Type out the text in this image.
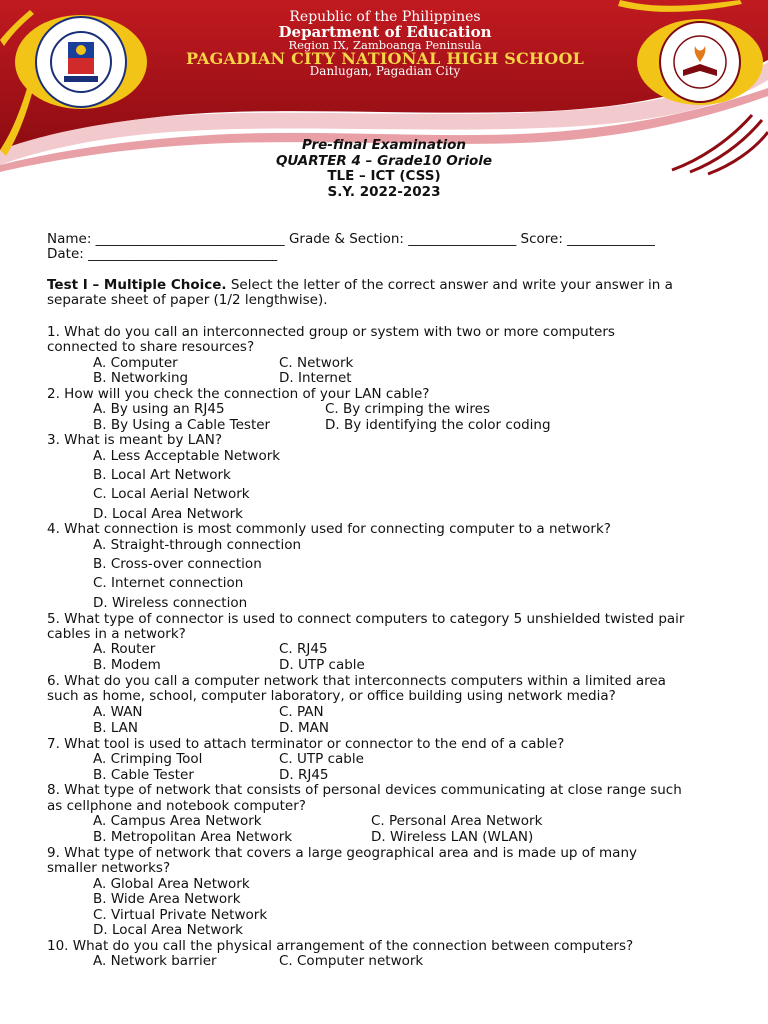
Republic of the Philippines
Department of Education
Region IX, Zamboanga Peninsula
PAGADIAN CITY NATIONAL HIGH SCHOOL
Danlugan, Pagadian City
Pre-final Examination
QUARTER 4 – Grade10 Oriole
TLE – ICT (CSS)
S.Y. 2022-2023
Name: ____________________________ Grade & Section: ________________ Score: _____________
Date: ____________________________
Test I – Multiple Choice. Select the letter of the correct answer and write your answer in a
separate sheet of paper (1/2 lengthwise).
1. What do you call an interconnected group or system with two or more computers
connected to share resources?
A. Computer	C. Network
B. Networking	D. Internet
2. How will you check the connection of your LAN cable?
A. By using an RJ45	C. By crimping the wires
B. By Using a Cable Tester	D. By identifying the color coding
3. What is meant by LAN?
A. Less Acceptable Network
B. Local Art Network
C. Local Aerial Network
D. Local Area Network
4. What connection is most commonly used for connecting computer to a network?
A. Straight-through connection
B. Cross-over connection
C. Internet connection
D. Wireless connection
5. What type of connector is used to connect computers to category 5 unshielded twisted pair
cables in a network?
A. Router	C. RJ45
B. Modem	D. UTP cable
6. What do you call a computer network that interconnects computers within a limited area
such as home, school, computer laboratory, or office building using network media?
A. WAN	C. PAN
B. LAN	D. MAN
7. What tool is used to attach terminator or connector to the end of a cable?
A. Crimping Tool	C. UTP cable
B. Cable Tester	D. RJ45
8. What type of network that consists of personal devices communicating at close range such
as cellphone and notebook computer?
A. Campus Area Network	C. Personal Area Network
B. Metropolitan Area Network	D. Wireless LAN (WLAN)
9. What type of network that covers a large geographical area and is made up of many
smaller networks?
A. Global Area Network
B. Wide Area Network
C. Virtual Private Network
D. Local Area Network
10. What do you call the physical arrangement of the connection between computers?
A. Network barrier	C. Computer network
